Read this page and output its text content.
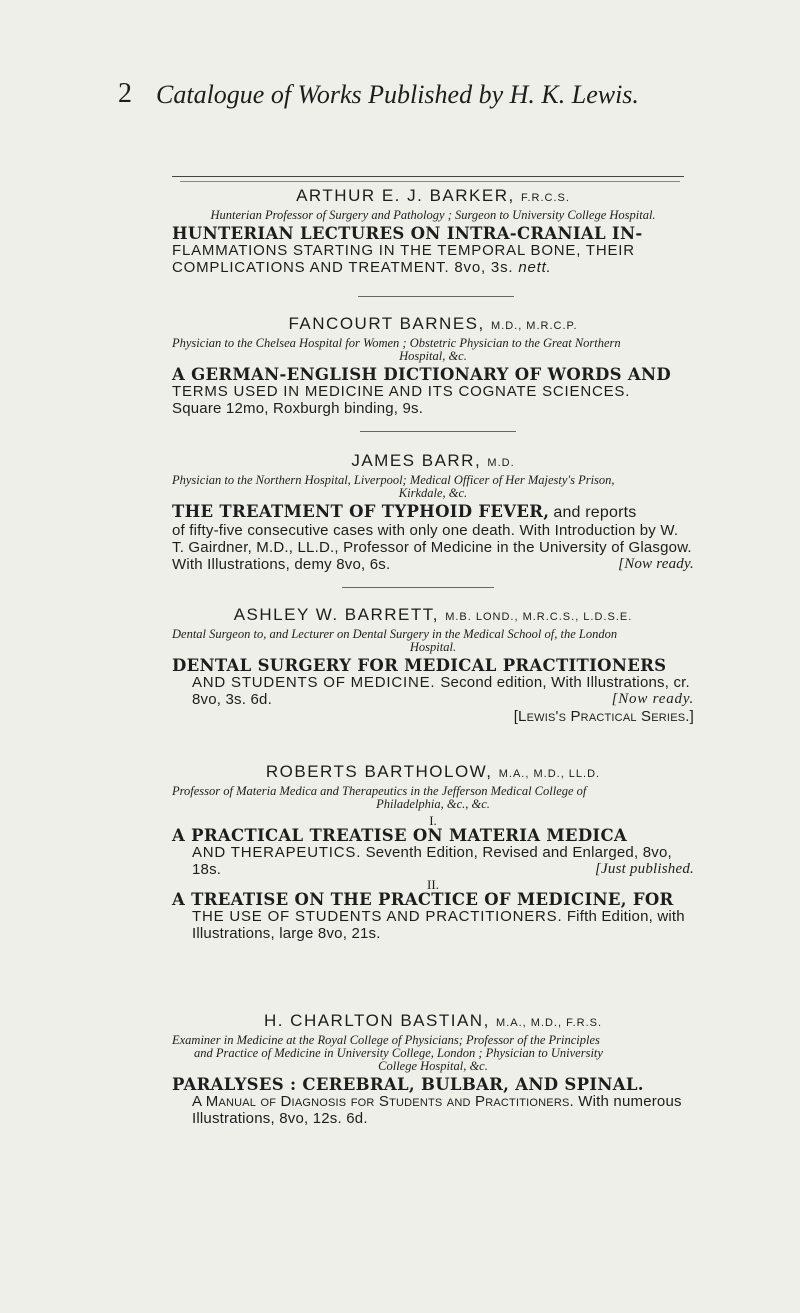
2 Catalogue of Works Published by H. K. Lewis.
ARTHUR E. J. BARKER, F.R.C.S.
Hunterian Professor of Surgery and Pathology ; Surgeon to University College Hospital.
HUNTERIAN LECTURES ON INTRA-CRANIAL IN-
FLAMMATIONS STARTING IN THE TEMPORAL BONE, THEIR COMPLICATIONS AND TREATMENT. 8vo, 3s. nett.
FANCOURT BARNES, M.D., M.R.C.P.
Physician to the Chelsea Hospital for Women ; Obstetric Physician to the Great Northern
Hospital, &c.
A GERMAN-ENGLISH DICTIONARY OF WORDS AND
TERMS USED IN MEDICINE AND ITS COGNATE SCIENCES.
Square 12mo, Roxburgh binding, 9s.
JAMES BARR, M.D.
Physician to the Northern Hospital, Liverpool; Medical Officer of Her Majesty's Prison,
Kirkdale, &c.
THE TREATMENT OF TYPHOID FEVER, and reports
of fifty-five consecutive cases with only one death. With Introduction by W. T. Gairdner, M.D., LL.D., Professor of Medicine in the University of Glasgow. With Illustrations, demy 8vo, 6s.	[Now ready.
ASHLEY W. BARRETT, M.B. LOND., M.R.C.S., L.D.S.E.
Dental Surgeon to, and Lecturer on Dental Surgery in the Medical School of, the London
Hospital.
DENTAL SURGERY FOR MEDICAL PRACTITIONERS
AND STUDENTS OF MEDICINE. Second edition, With Illustrations, cr. 8vo, 3s. 6d.	[Now ready.
[Lewis's Practical Series.]
ROBERTS BARTHOLOW, M.A., M.D., LL.D.
Professor of Materia Medica and Therapeutics in the Jefferson Medical College of
Philadelphia, &c., &c.
I.
A PRACTICAL TREATISE ON MATERIA MEDICA
AND THERAPEUTICS. Seventh Edition, Revised and Enlarged, 8vo, 18s.	[Just published.
II.
A TREATISE ON THE PRACTICE OF MEDICINE, FOR
THE USE OF STUDENTS AND PRACTITIONERS. Fifth Edition, with Illustrations, large 8vo, 21s.
H. CHARLTON BASTIAN, M.A., M.D., F.R.S.
Examiner in Medicine at the Royal College of Physicians; Professor of the Principles
and Practice of Medicine in University College, London ; Physician to University
College Hospital, &c.
PARALYSES : CEREBRAL, BULBAR, AND SPINAL.
A Manual of Diagnosis for Students and Practitioners. With numerous Illustrations, 8vo, 12s. 6d.
